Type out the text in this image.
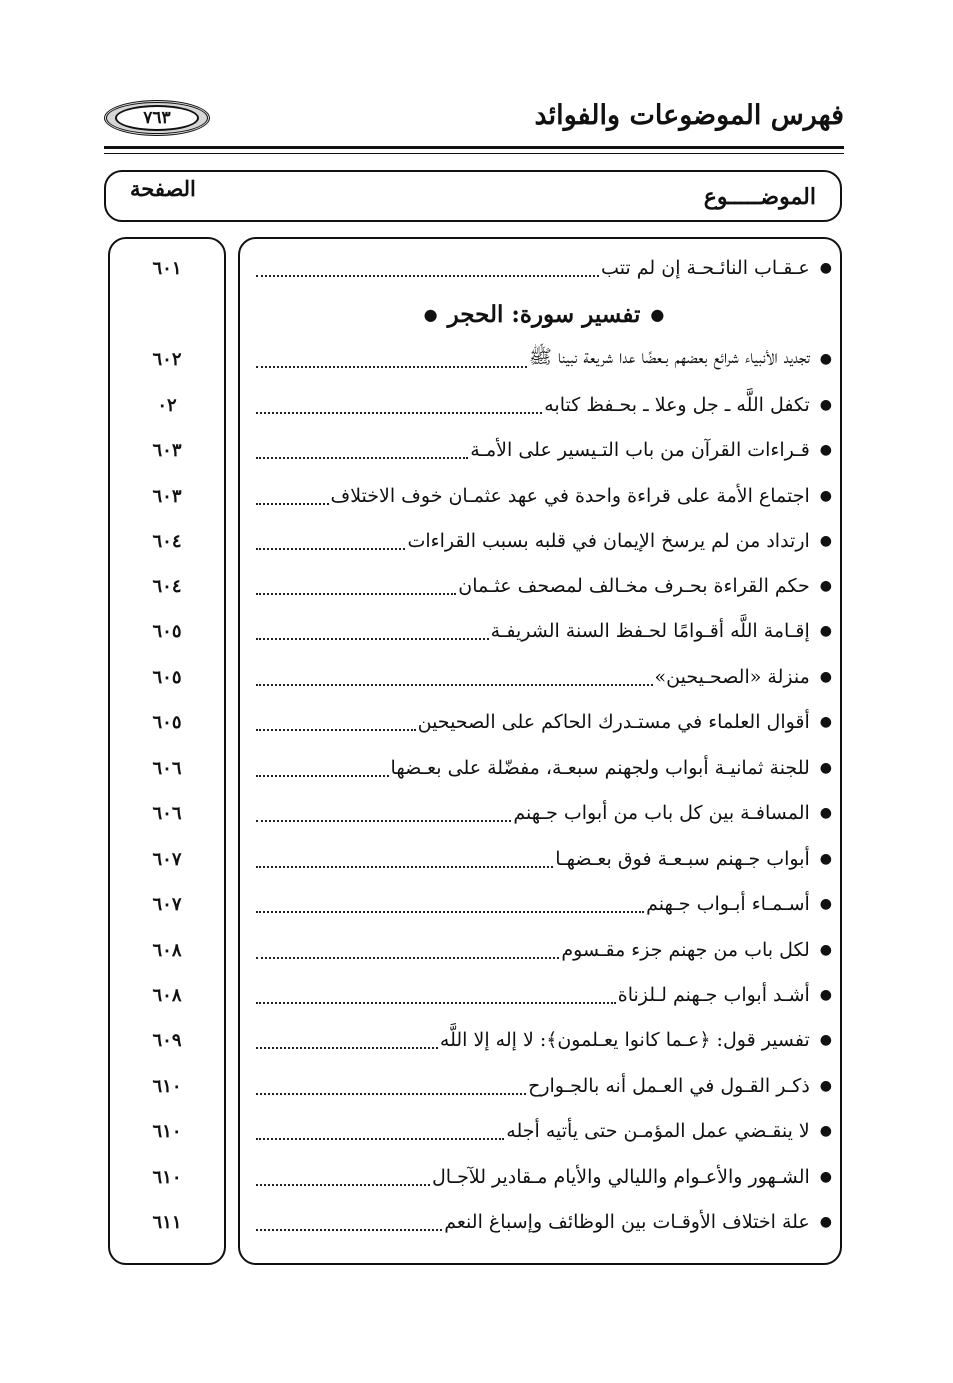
٧٦٣	فهرس الموضوعات والفوائد
الموضـــــوع
الصفحة
●
عـقـاب النائـحـة إن لم تتب
٦٠١
●
تفسير سورة: الحجر
●
●
تجديد الأنبياء شرائع بعضهم بـعضًا عدا شريعة نبينا ﷺ
٦٠٢
●
تكفل اللَّه ـ جل وعلا ـ بحـفظ كتابه
٠٢
●
قـراءات القرآن من باب التـيسير على الأمـة
٦٠٣
●
اجتماع الأمة على قراءة واحدة في عهد عثمـان خوف الاختلاف
٦٠٣
●
ارتداد من لم يرسخ الإيمان في قلبه بسبب القراءات
٦٠٤
●
حكم القراءة بحـرف مخـالف لمصحف عثـمان
٦٠٤
●
إقـامة اللَّه أقـوامًا لحـفظ السنة الشريفـة
٦٠٥
●
منزلة «الصحـيحين»
٦٠٥
●
أقوال العلماء في مستـدرك الحاكم على الصحيحين
٦٠٥
●
للجنة ثمانيـة أبواب ولجهنم سبعـة، مفضّلة على بعـضها
٦٠٦
●
المسافـة بين كل باب من أبواب جـهنم
٦٠٦
●
أبواب جـهنم سبـعـة فوق بعـضهـا
٦٠٧
●
أسـمـاء أبـواب جـهنم
٦٠٧
●
لكل باب من جهنم جزء مقـسوم
٦٠٨
●
أشـد أبواب جـهنم لـلزناة
٦٠٨
●
تفسير قول: ﴿عـما كانوا يعـلمون﴾: لا إله إلا اللَّه
٦٠٩
●
ذكـر القـول في العـمل أنه بالجـوارح
٦١٠
●
لا ينقـضي عمل المؤمـن حتى يأتيه أجله
٦١٠
●
الشـهور والأعـوام والليالي والأيام مـقادير للآجـال
٦١٠
●
علة اختلاف الأوقـات بين الوظائف وإسباغ النعم
٦١١
